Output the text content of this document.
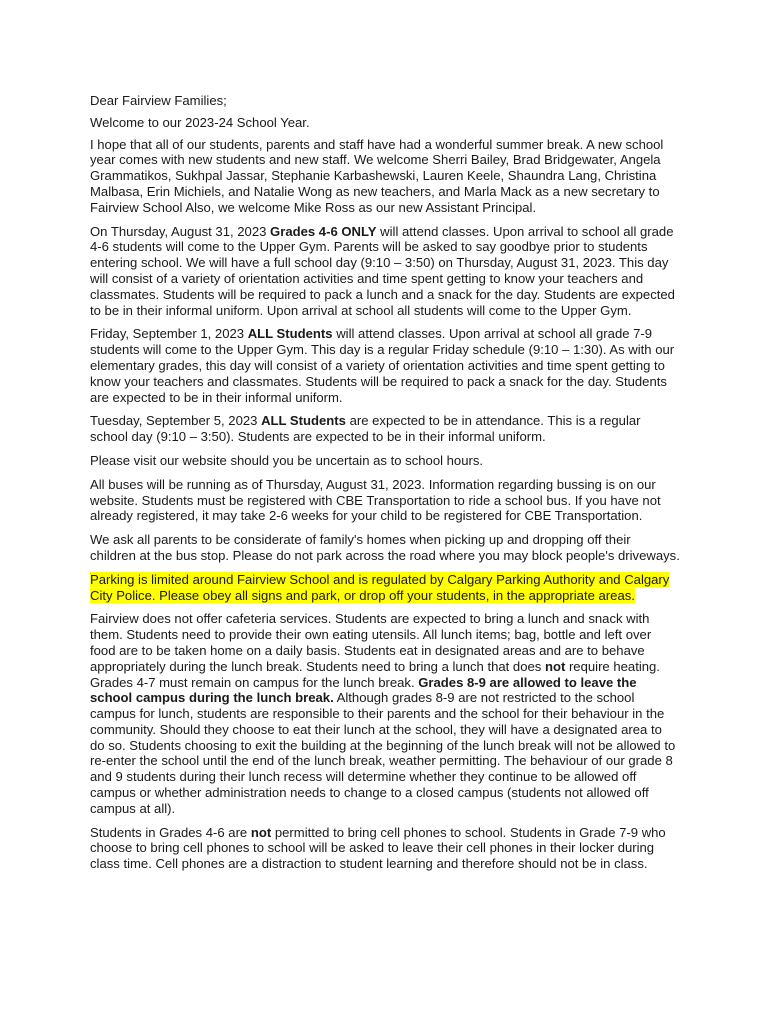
Dear Fairview Families;

Welcome to our 2023-24 School Year.

I hope that all of our students, parents and staff have had a wonderful summer break. A new school year comes with new students and new staff. We welcome Sherri Bailey, Brad Bridgewater, Angela Grammatikos, Sukhpal Jassar, Stephanie Karbashewski, Lauren Keele, Shaundra Lang, Christina Malbasa, Erin Michiels, and Natalie Wong as new teachers, and Marla Mack as a new secretary to Fairview School Also, we welcome Mike Ross as our new Assistant Principal.

On Thursday, August 31, 2023 Grades 4-6 ONLY will attend classes. Upon arrival to school all grade 4-6 students will come to the Upper Gym. Parents will be asked to say goodbye prior to students entering school. We will have a full school day (9:10 – 3:50) on Thursday, August 31, 2023. This day will consist of a variety of orientation activities and time spent getting to know your teachers and classmates. Students will be required to pack a lunch and a snack for the day. Students are expected to be in their informal uniform. Upon arrival at school all students will come to the Upper Gym.

Friday, September 1, 2023 ALL Students will attend classes. Upon arrival at school all grade 7-9 students will come to the Upper Gym. This day is a regular Friday schedule (9:10 – 1:30). As with our elementary grades, this day will consist of a variety of orientation activities and time spent getting to know your teachers and classmates. Students will be required to pack a snack for the day. Students are expected to be in their informal uniform.

Tuesday, September 5, 2023 ALL Students are expected to be in attendance. This is a regular school day (9:10 – 3:50). Students are expected to be in their informal uniform.

Please visit our website should you be uncertain as to school hours.

All buses will be running as of Thursday, August 31, 2023. Information regarding bussing is on our website. Students must be registered with CBE Transportation to ride a school bus. If you have not already registered, it may take 2-6 weeks for your child to be registered for CBE Transportation.

We ask all parents to be considerate of family's homes when picking up and dropping off their children at the bus stop. Please do not park across the road where you may block people's driveways.

Parking is limited around Fairview School and is regulated by Calgary Parking Authority and Calgary City Police. Please obey all signs and park, or drop off your students, in the appropriate areas.

Fairview does not offer cafeteria services. Students are expected to bring a lunch and snack with them. Students need to provide their own eating utensils. All lunch items; bag, bottle and left over food are to be taken home on a daily basis. Students eat in designated areas and are to behave appropriately during the lunch break. Students need to bring a lunch that does not require heating. Grades 4-7 must remain on campus for the lunch break. Grades 8-9 are allowed to leave the school campus during the lunch break. Although grades 8-9 are not restricted to the school campus for lunch, students are responsible to their parents and the school for their behaviour in the community. Should they choose to eat their lunch at the school, they will have a designated area to do so. Students choosing to exit the building at the beginning of the lunch break will not be allowed to re-enter the school until the end of the lunch break, weather permitting. The behaviour of our grade 8 and 9 students during their lunch recess will determine whether they continue to be allowed off campus or whether administration needs to change to a closed campus (students not allowed off campus at all).

Students in Grades 4-6 are not permitted to bring cell phones to school. Students in Grade 7-9 who choose to bring cell phones to school will be asked to leave their cell phones in their locker during class time. Cell phones are a distraction to student learning and therefore should not be in class.
